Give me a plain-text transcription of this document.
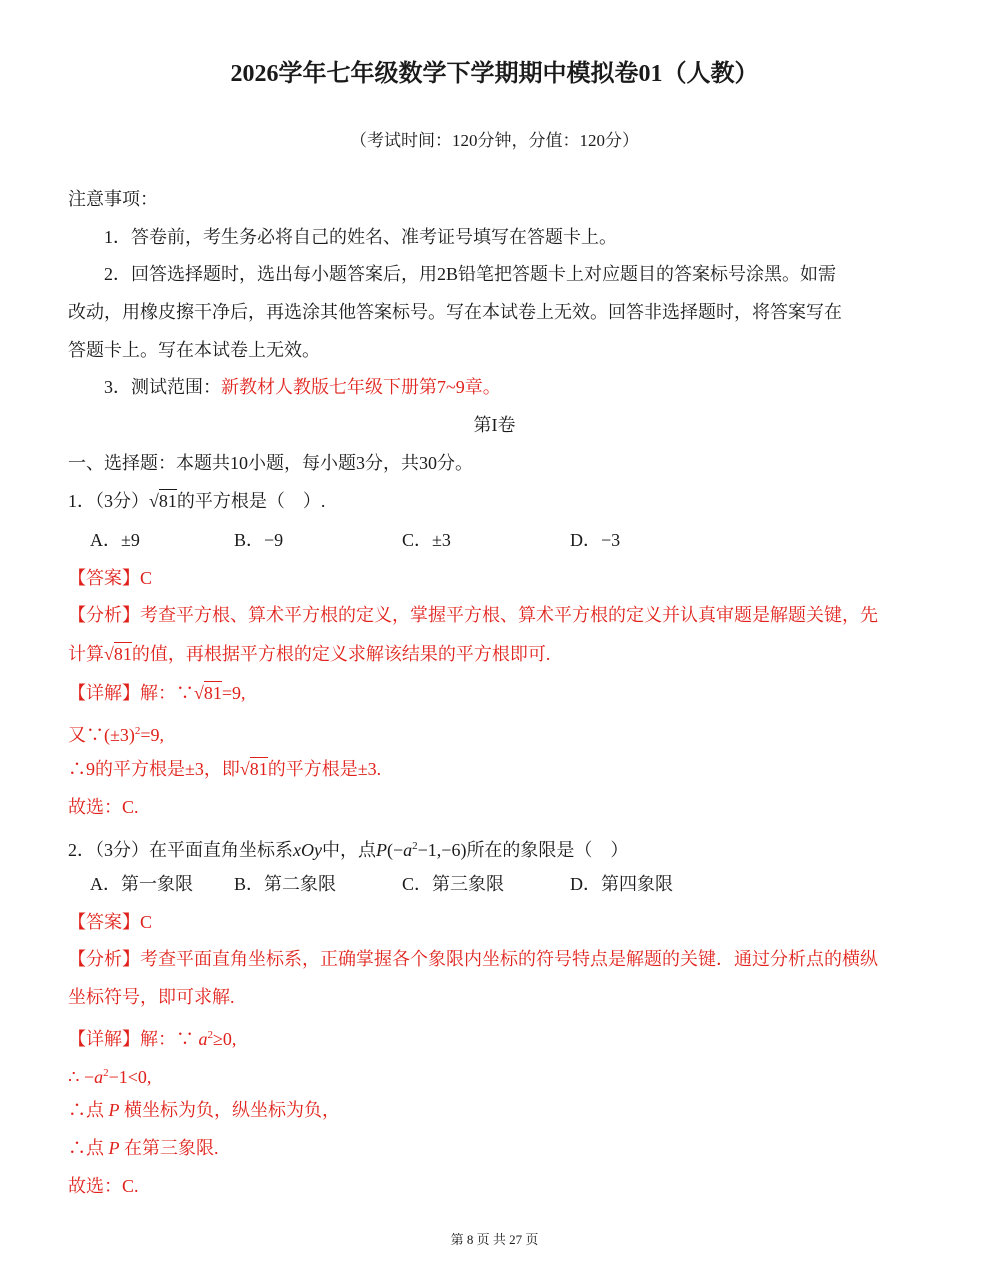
2026学年七年级数学下学期期中模拟卷01（人教）
（考试时间：120分钟，分值：120分）
注意事项：
1．答卷前，考生务必将自己的姓名、准考证号填写在答题卡上。
2．回答选择题时，选出每小题答案后，用2B铅笔把答题卡上对应题目的答案标号涂黑。如需
改动，用橡皮擦干净后，再选涂其他答案标号。写在本试卷上无效。回答非选择题时，将答案写在
答题卡上。写在本试卷上无效。
3．测试范围：新教材人教版七年级下册第7~9章。
第I卷
一、选择题：本题共10小题，每小题3分，共30分。
1．（3分）√81的平方根是（　）.
A．±9	B．−9	C．±3	D．−3
【答案】C
【分析】考查平方根、算术平方根的定义，掌握平方根、算术平方根的定义并认真审题是解题关键，先
计算√81的值，再根据平方根的定义求解该结果的平方根即可.
【详解】解：∵√81=9,
又$\because(\pm 3)^2=9$,
∴9的平方根是±3，即√81的平方根是±3.
故选：C.
2．（3分）在平面直角坐标系xOy中，点$P(-a^2-1,-6)$所在的象限是（　）
A．第一象限 B．第二象限	C．第三象限	D．第四象限
【答案】C
【分析】考查平面直角坐标系，正确掌握各个象限内坐标的符号特点是解题的关键．通过分析点的横纵
坐标符号，即可求解.
【详解】解：∵ $a^2\ge 0$,
∴ $-a^2-1<0$,
∴点 P 横坐标为负，纵坐标为负，
∴点 P 在第三象限.
故选：C.
第 8 页 共 27 页
